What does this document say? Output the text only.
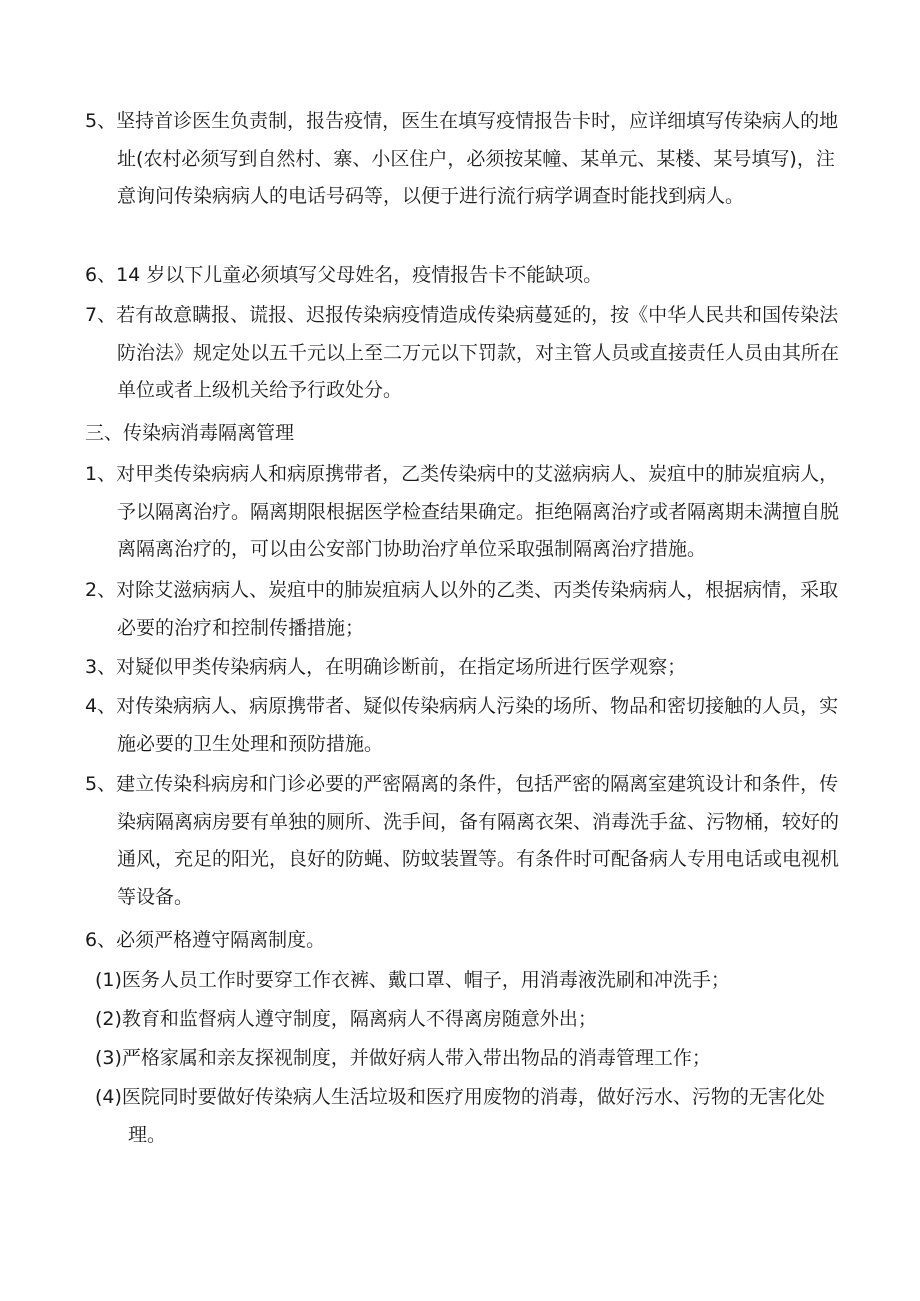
5、坚持首诊医生负责制，报告疫情，医生在填写疫情报告卡时，应详细填写传染病人的地址(农村必须写到自然村、寨、小区住户，必须按某幢、某单元、某楼、某号填写)，注意询问传染病病人的电话号码等，以便于进行流行病学调查时能找到病人。

6、14 岁以下儿童必须填写父母姓名，疫情报告卡不能缺项。

7、若有故意瞒报、谎报、迟报传染病疫情造成传染病蔓延的，按《中华人民共和国传染法防治法》规定处以五千元以上至二万元以下罚款，对主管人员或直接责任人员由其所在单位或者上级机关给予行政处分。

三、传染病消毒隔离管理

1、对甲类传染病病人和病原携带者，乙类传染病中的艾滋病病人、炭疽中的肺炭疽病人，予以隔离治疗。隔离期限根据医学检查结果确定。拒绝隔离治疗或者隔离期未满擅自脱离隔离治疗的，可以由公安部门协助治疗单位采取强制隔离治疗措施。

2、对除艾滋病病人、炭疽中的肺炭疽病人以外的乙类、丙类传染病病人，根据病情，采取必要的治疗和控制传播措施；

3、对疑似甲类传染病病人，在明确诊断前，在指定场所进行医学观察；

4、对传染病病人、病原携带者、疑似传染病病人污染的场所、物品和密切接触的人员，实施必要的卫生处理和预防措施。

5、建立传染科病房和门诊必要的严密隔离的条件，包括严密的隔离室建筑设计和条件，传染病隔离病房要有单独的厕所、洗手间，备有隔离衣架、消毒洗手盆、污物桶，较好的通风，充足的阳光，良好的防蝇、防蚊装置等。有条件时可配备病人专用电话或电视机等设备。

6、必须严格遵守隔离制度。

(1)医务人员工作时要穿工作衣裤、戴口罩、帽子，用消毒液洗刷和冲洗手；

(2)教育和监督病人遵守制度，隔离病人不得离房随意外出；

(3)严格家属和亲友探视制度，并做好病人带入带出物品的消毒管理工作；

(4)医院同时要做好传染病人生活垃圾和医疗用废物的消毒，做好污水、污物的无害化处理。
